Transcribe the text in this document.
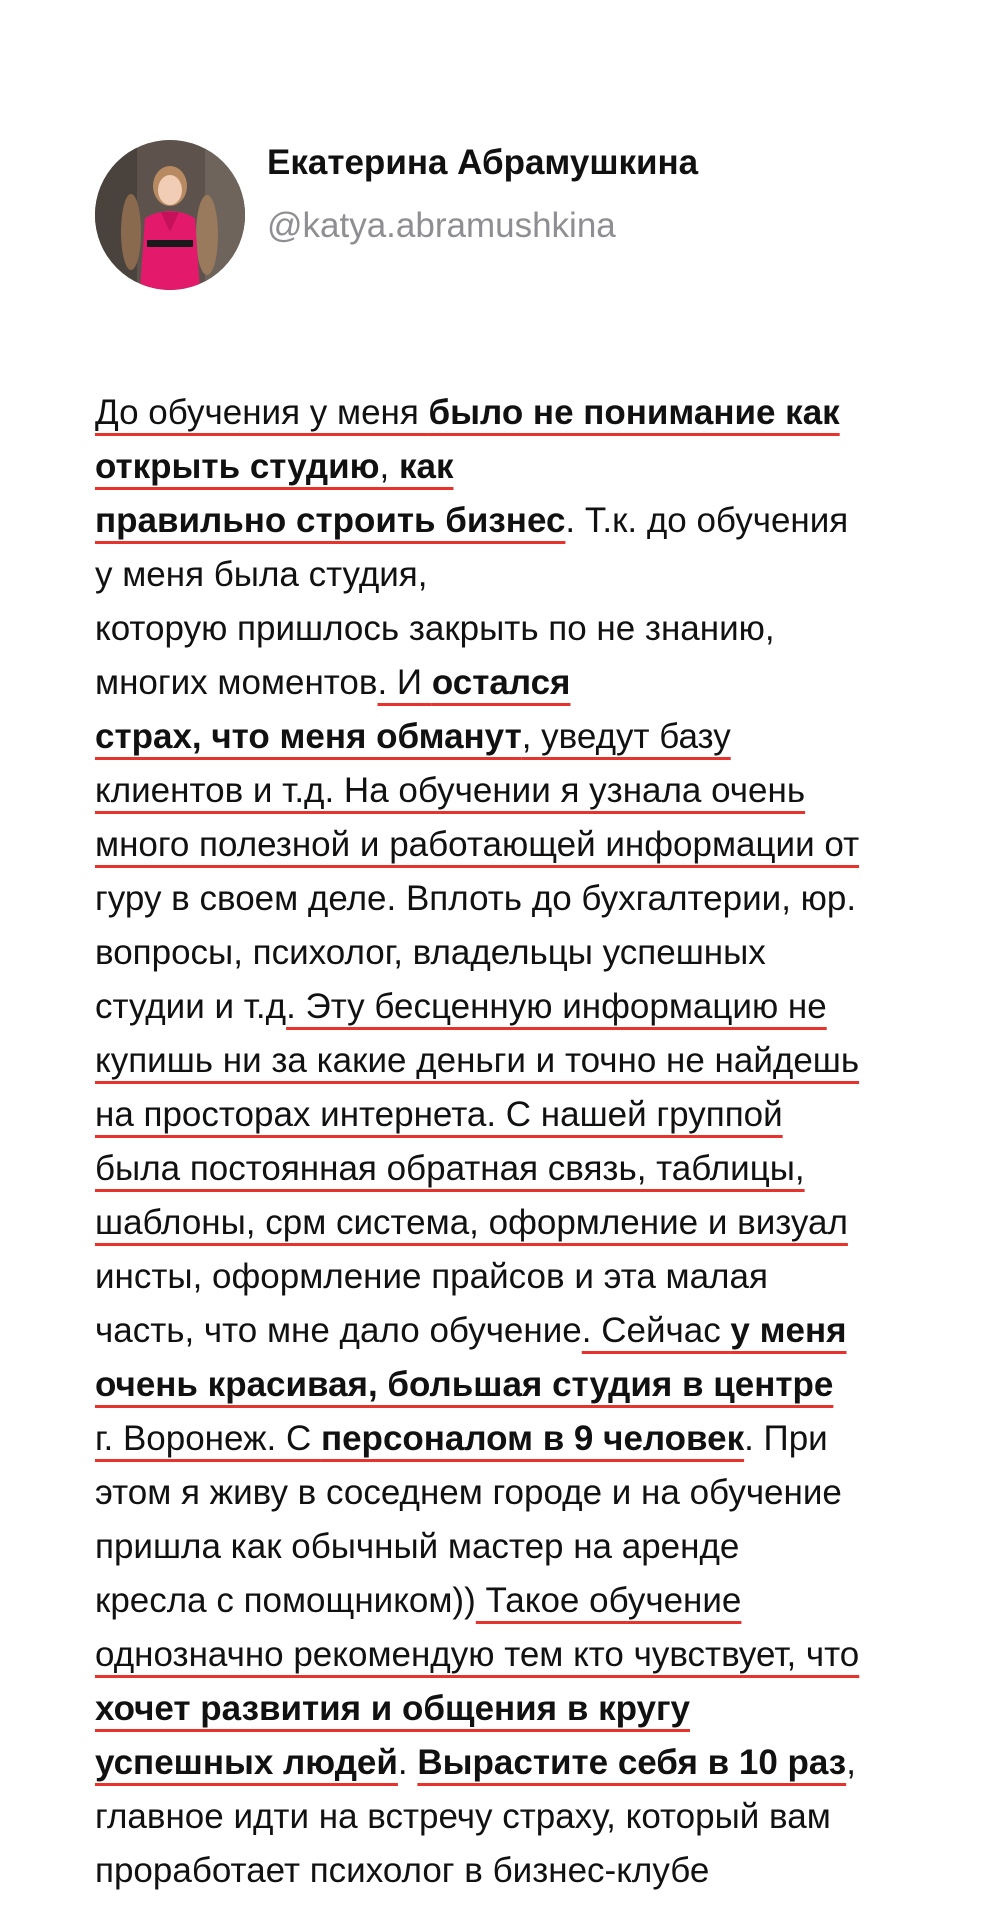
Екатерина Абрамушкина
@katya.abramushkina
До обучения у меня было не понимание как
открыть студию, как
правильно строить бизнес. Т.к. до обучения
у меня была студия,
которую пришлось закрыть по не знанию,
многих моментов. И остался
страх, что меня обманут, уведут базу
клиентов и т.д. На обучении я узнала очень
много полезной и работающей информации от
гуру в своем деле. Вплоть до бухгалтерии, юр.
вопросы, психолог, владельцы успешных
студии и т.д. Эту бесценную информацию не
купишь ни за какие деньги и точно не найдешь
на просторах интернета. С нашей группой
была постоянная обратная связь, таблицы,
шаблоны, срм система, оформление и визуал
инсты, оформление прайсов и эта малая
часть, что мне дало обучение. Сейчас у меня
очень красивая, большая студия в центре
г. Воронеж. С персоналом в 9 человек. При
этом я живу в соседнем городе и на обучение
пришла как обычный мастер на аренде
кресла с помощником)) Такое обучение
однозначно рекомендую тем кто чувствует, что
хочет развития и общения в кругу
успешных людей. Вырастите себя в 10 раз,
главное идти на встречу страху, который вам
проработает психолог в бизнес-клубе
